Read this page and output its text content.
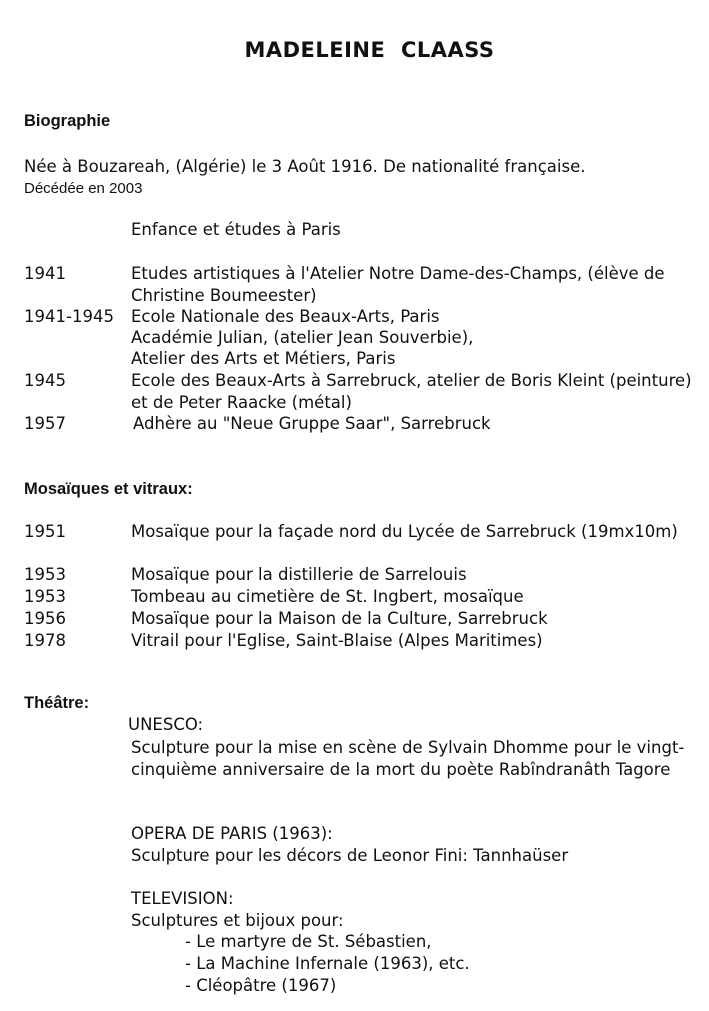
MADELEINE  CLAASS
Biographie
Née à Bouzareah, (Algérie) le 3 Août 1916. De nationalité française.
Décédée en 2003
Enfance et études à Paris
1941	Etudes artistiques à l'Atelier Notre Dame-des-Champs, (élève de Christine Boumeester)
1941-1945 Ecole Nationale des Beaux-Arts, Paris
Académie Julian, (atelier Jean Souverbie),
Atelier des Arts et Métiers, Paris
1945	Ecole des Beaux-Arts à Sarrebruck, atelier de Boris Kleint (peinture) et de Peter Raacke (métal)
1957	Adhère au "Neue Gruppe Saar", Sarrebruck
Mosaïques et vitraux:
1951	Mosaïque pour la façade nord du Lycée de Sarrebruck (19mx10m)
1953	Mosaïque pour la distillerie de Sarrelouis
1953	Tombeau au cimetière de St. Ingbert, mosaïque
1956	Mosaïque pour la Maison de la Culture, Sarrebruck
1978	Vitrail pour l'Eglise, Saint-Blaise (Alpes Maritimes)
Théâtre:
UNESCO:
Sculpture pour la mise en scène de Sylvain Dhomme pour le vingt-cinquième anniversaire de la mort du poète Rabîndranâth Tagore
OPERA DE PARIS (1963):
Sculpture pour les décors de Leonor Fini: Tannhaüser
TELEVISION:
Sculptures et bijoux pour:
- Le martyre de St. Sébastien,
- La Machine Infernale (1963), etc.
- Cléopâtre (1967)
